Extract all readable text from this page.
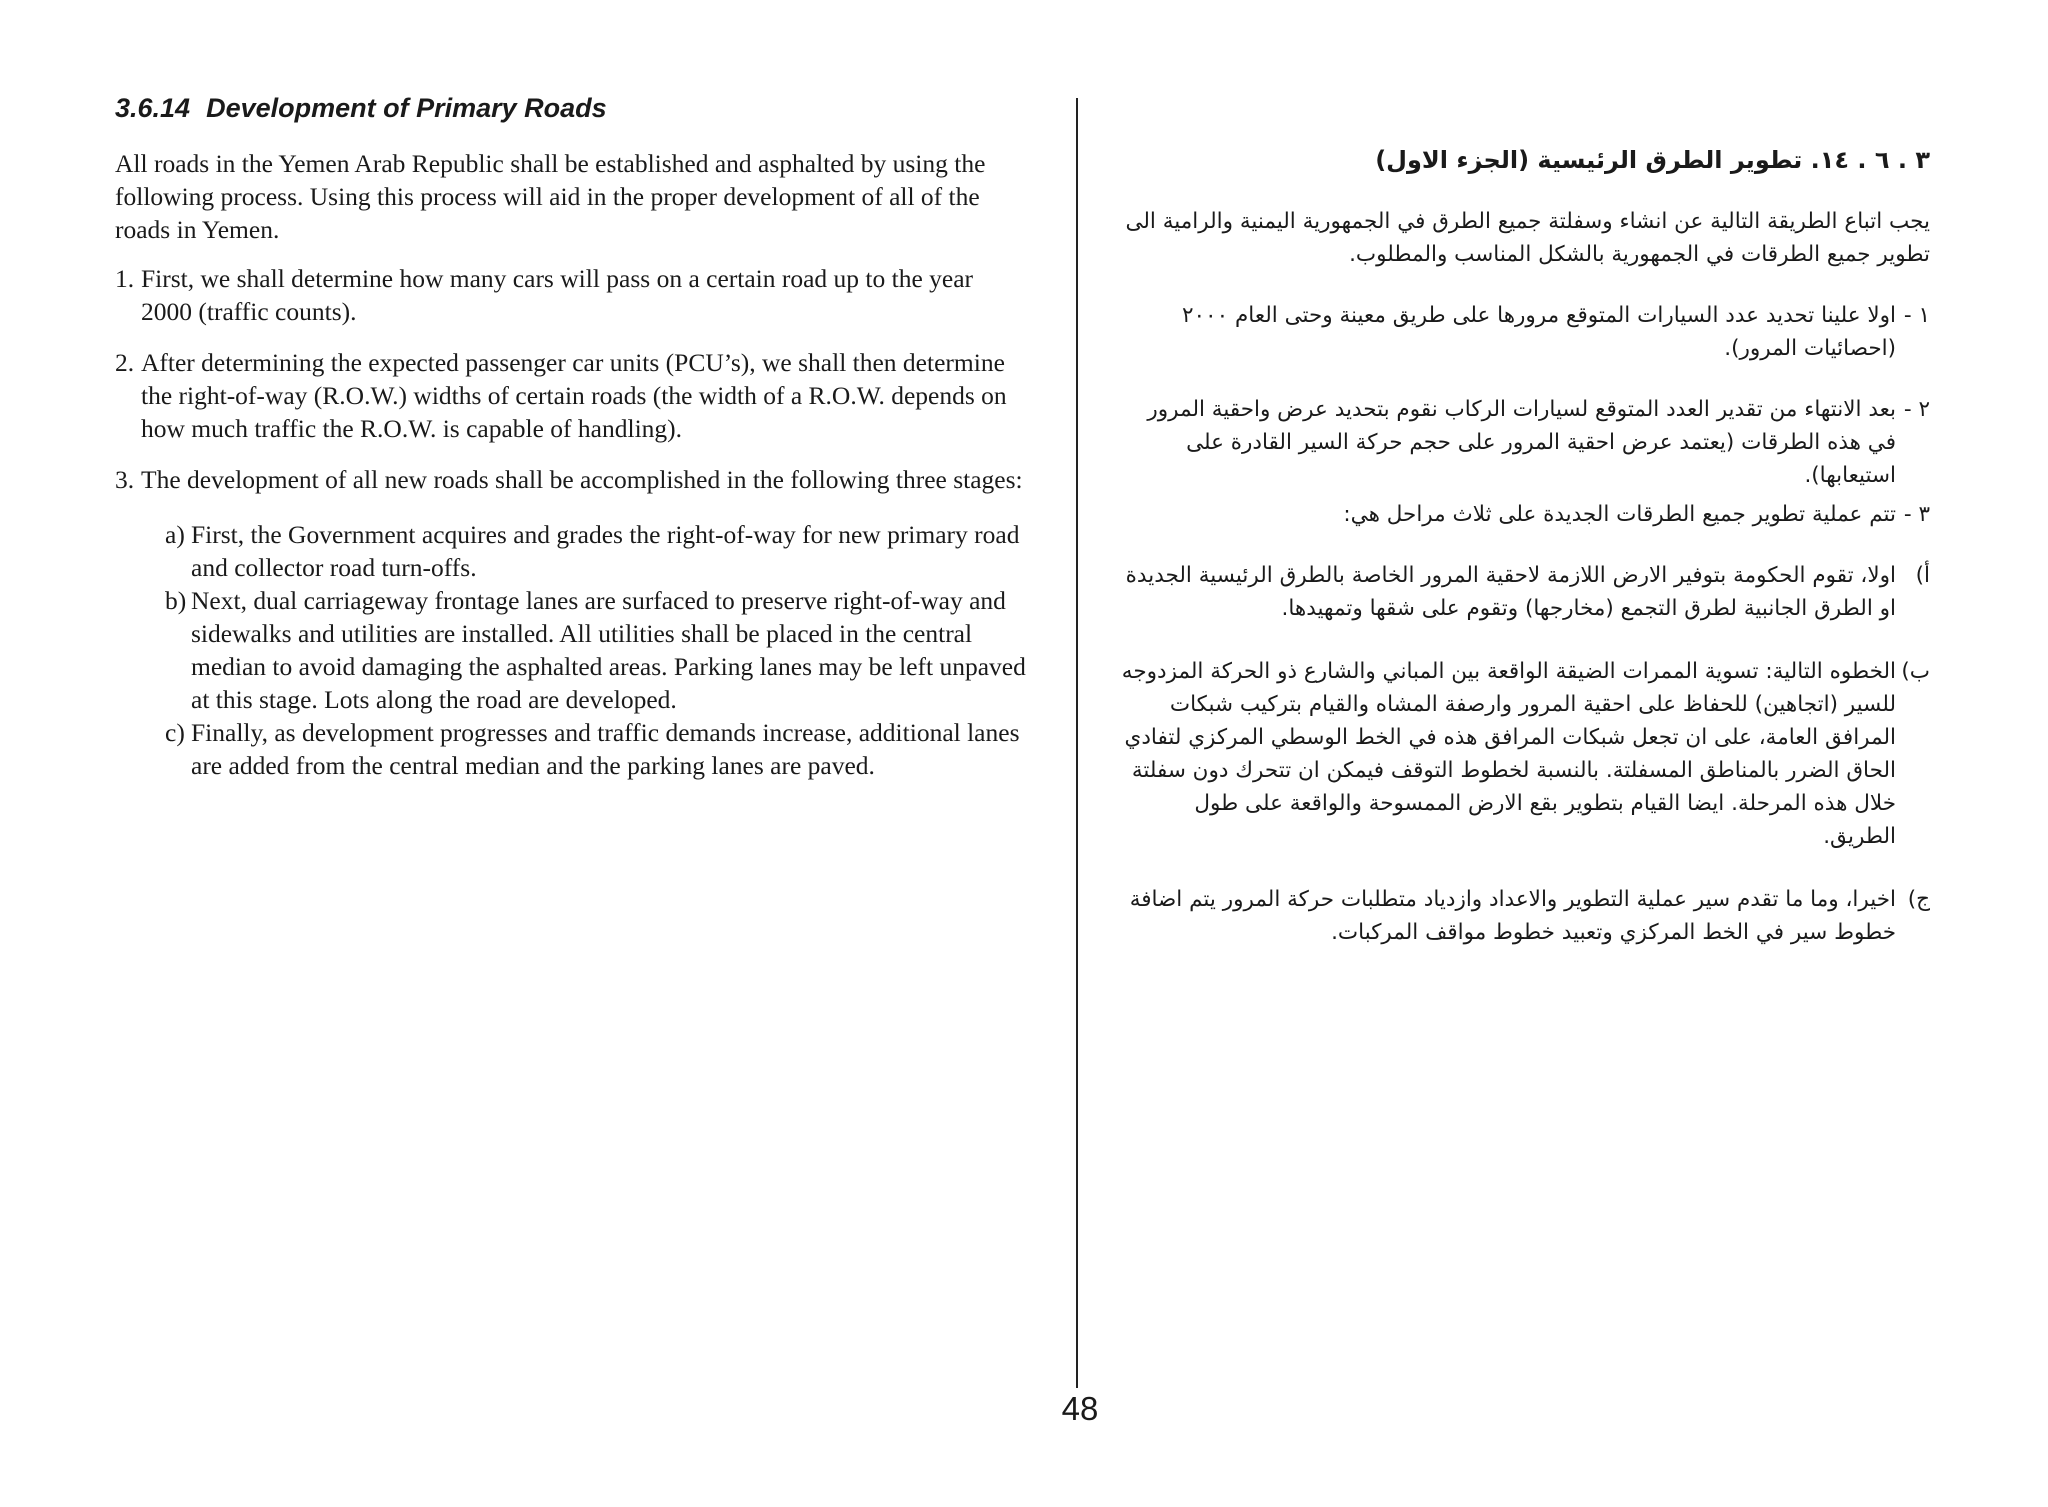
3.6.14 Development of Primary Roads

All roads in the Yemen Arab Republic shall be established and asphalted by using the following process. Using this process will aid in the proper development of all of the roads in Yemen.

1. First, we shall determine how many cars will pass on a certain road up to the year 2000 (traffic counts).
2. After determining the expected passenger car units (PCU’s), we shall then determine the right-of-way (R.O.W.) widths of certain roads (the width of a R.O.W. depends on how much traffic the R.O.W. is capable of handling).
3. The development of all new roads shall be accomplished in the following three stages:

a) First, the Government acquires and grades the right-of-way for new primary road and collector road turn-offs.

b) Next, dual carriageway frontage lanes are surfaced to preserve right-of-way and sidewalks and utilities are installed. All utilities shall be placed in the central median to avoid damaging the asphalted areas. Parking lanes may be left unpaved at this stage. Lots along the road are developed.

c) Finally, as development progresses and traffic demands increase, additional lanes are added from the central median and the parking lanes are paved.

٣ . ٦ . ١٤. تطوير الطرق الرئيسية (الجزء الاول)

يجب اتباع الطريقة التالية عن انشاء وسفلتة جميع الطرق في الجمهورية اليمنية والرامية الى تطوير جميع الطرقات في الجمهورية بالشكل المناسب والمطلوب.

١ -
اولا علينا تحديد عدد السيارات المتوقع مرورها على طريق معينة وحتى العام ٢٠٠٠ (احصائيات المرور).
٢ -
بعد الانتهاء من تقدير العدد المتوقع لسيارات الركاب نقوم بتحديد عرض واحقية المرور في هذه الطرقات (يعتمد عرض احقية المرور على حجم حركة السير القادرة على استيعابها).
٣ -
تتم عملية تطوير جميع الطرقات الجديدة على ثلاث مراحل هي:
أ)
اولا، تقوم الحكومة بتوفير الارض اللازمة لاحقية المرور الخاصة بالطرق الرئيسية الجديدة او الطرق الجانبية لطرق التجمع (مخارجها) وتقوم على شقها وتمهيدها.
ب)
الخطوه التالية: تسوية الممرات الضيقة الواقعة بين المباني والشارع ذو الحركة المزدوجه للسير (اتجاهين) للحفاظ على احقية المرور وارصفة المشاه والقيام بتركيب شبكات المرافق العامة، على ان تجعل شبكات المرافق هذه في الخط الوسطي المركزي لتفادي الحاق الضرر بالمناطق المسفلتة. بالنسبة لخطوط التوقف فيمكن ان تتحرك دون سفلتة خلال هذه المرحلة. ايضا القيام بتطوير بقع الارض الممسوحة والواقعة على طول الطريق.
ج)
اخيرا، وما ما تقدم سير عملية التطوير والاعداد وازدياد متطلبات حركة المرور يتم اضافة خطوط سير في الخط المركزي وتعبيد خطوط مواقف المركبات.
48
